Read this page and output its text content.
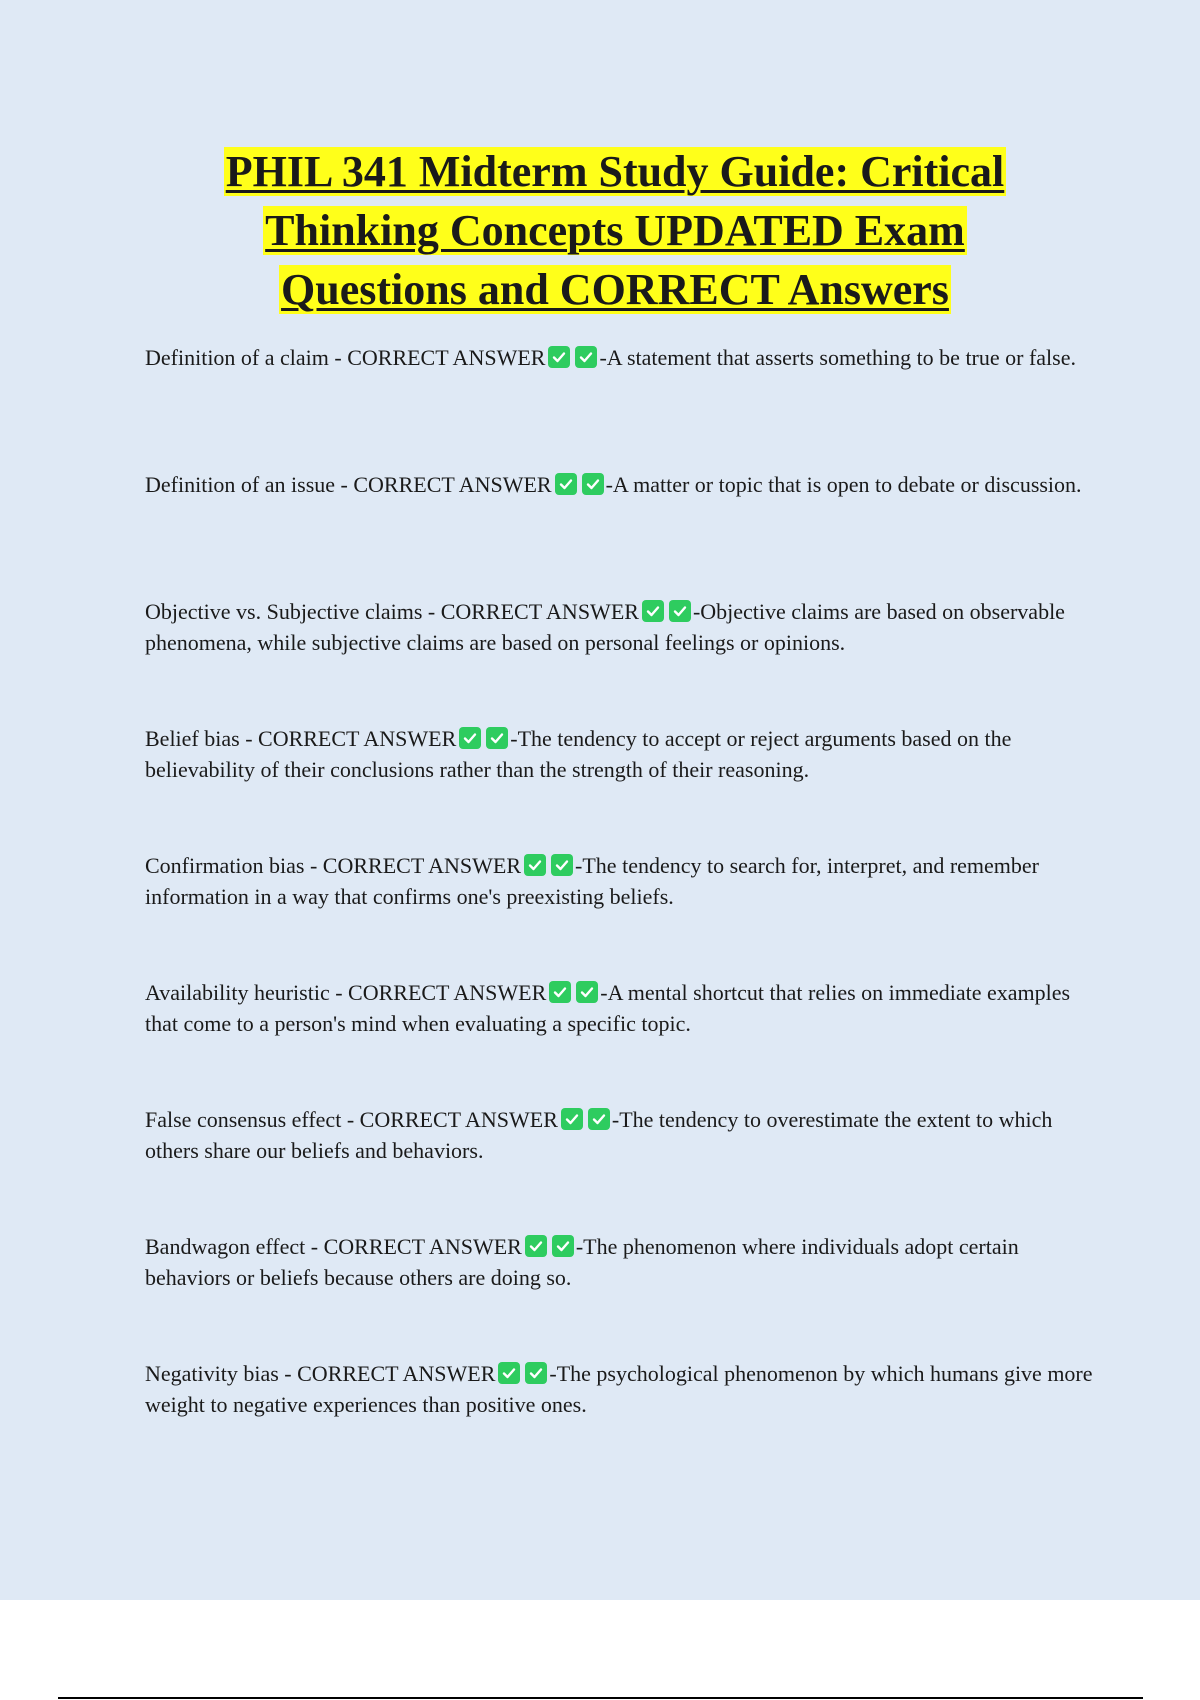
PHIL 341 Midterm Study Guide: Critical
Thinking Concepts UPDATED Exam
Questions and CORRECT Answers
Definition of a claim - CORRECT ANSWER -A statement that asserts something to be true or false.
Definition of an issue - CORRECT ANSWER -A matter or topic that is open to debate or discussion.
Objective vs. Subjective claims - CORRECT ANSWER -Objective claims are based on observable phenomena, while subjective claims are based on personal feelings or opinions.
Belief bias - CORRECT ANSWER -The tendency to accept or reject arguments based on the believability of their conclusions rather than the strength of their reasoning.
Confirmation bias - CORRECT ANSWER -The tendency to search for, interpret, and remember information in a way that confirms one's preexisting beliefs.
Availability heuristic - CORRECT ANSWER -A mental shortcut that relies on immediate examples that come to a person's mind when evaluating a specific topic.
False consensus effect - CORRECT ANSWER -The tendency to overestimate the extent to which others share our beliefs and behaviors.
Bandwagon effect - CORRECT ANSWER -The phenomenon where individuals adopt certain behaviors or beliefs because others are doing so.
Negativity bias - CORRECT ANSWER -The psychological phenomenon by which humans give more weight to negative experiences than positive ones.
